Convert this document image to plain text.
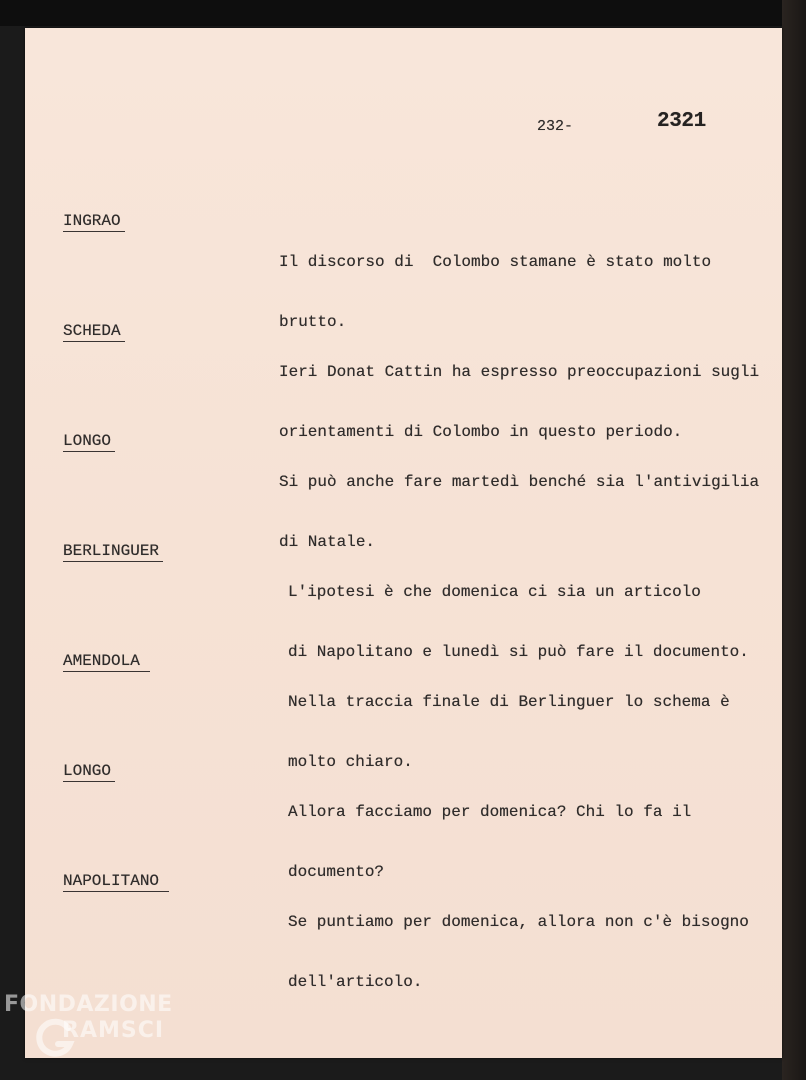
232-	2321
INGRAO

Il discorso di  Colombo stamane è stato molto

brutto.

SCHEDA

Ieri Donat Cattin ha espresso preoccupazioni sugli

orientamenti di Colombo in questo periodo.

LONGO

Si può anche fare martedì benché sia l'antivigilia

di Natale.

BERLINGUER

L'ipotesi è che domenica ci sia un articolo

di Napolitano e lunedì si può fare il documento.

AMENDOLA

Nella traccia finale di Berlinguer lo schema è

molto chiaro.

LONGO

Allora facciamo per domenica? Chi lo fa il

documento?

NAPOLITANO

Se puntiamo per domenica, allora non c'è bisogno

dell'articolo.

FONDAZIONE
RAMSCI
